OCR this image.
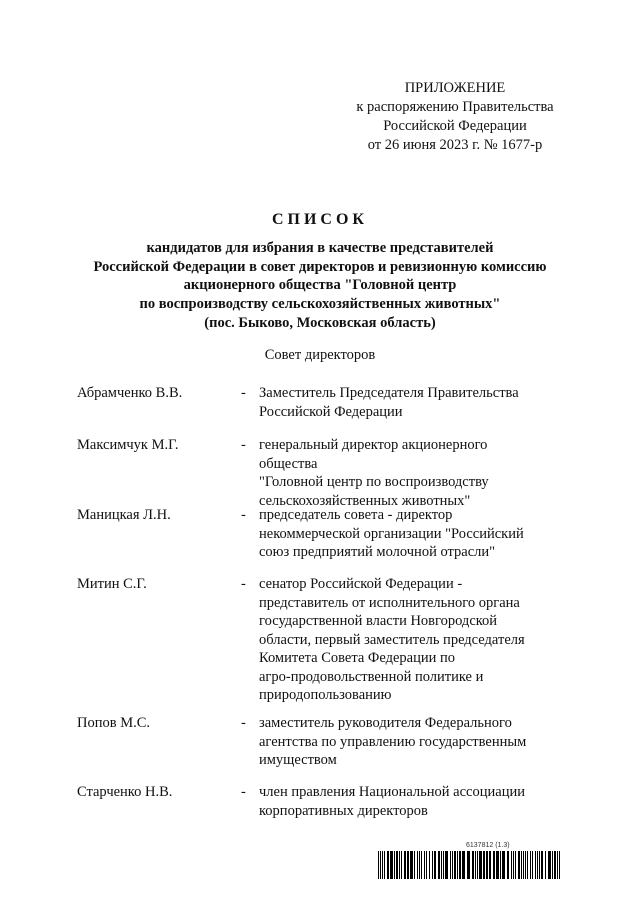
ПРИЛОЖЕНИЕ
к распоряжению Правительства
Российской Федерации
от 26 июня 2023 г. № 1677-р
СПИСОК
кандидатов для избрания в качестве представителей
Российской Федерации в совет директоров и ревизионную комиссию
акционерного общества "Головной центр
по воспроизводству сельскохозяйственных животных"
(пос. Быково, Московская область)
Совет директоров
Абрамченко В.В.	- Заместитель Председателя Правительства
Российской Федерации
Максимчук М.Г.	- генеральный директор акционерного общества
"Головной центр по воспроизводству
сельскохозяйственных животных"
Маницкая Л.Н.	- председатель совета - директор
некоммерческой организации "Российский
союз предприятий молочной отрасли"
Митин С.Г.	- сенатор Российской Федерации -
представитель от исполнительного органа
государственной власти Новгородской
области, первый заместитель председателя
Комитета Совета Федерации по
агро-продовольственной политике и
природопользованию
Попов М.С.	- заместитель руководителя Федерального
агентства по управлению государственным
имуществом
Старченко Н.В.	- член правления Национальной ассоциации
корпоративных директоров
6137812 (1.3)
